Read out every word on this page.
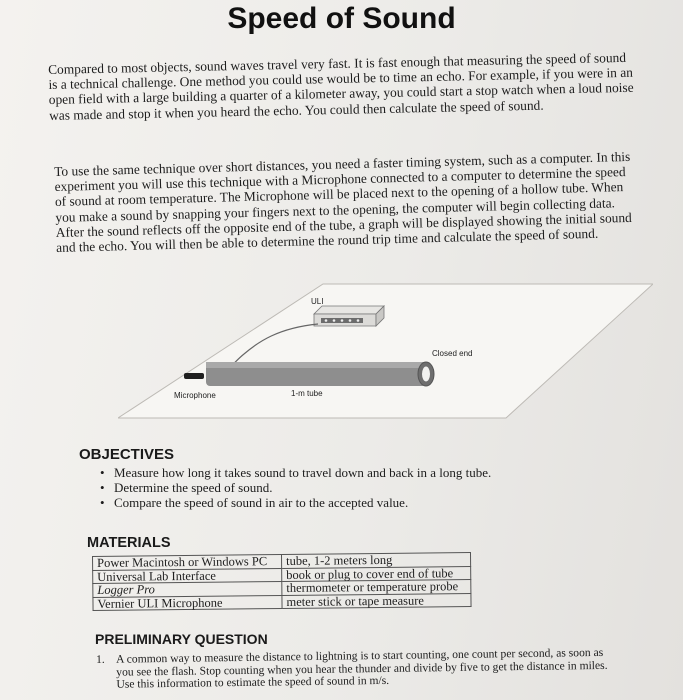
Speed of Sound

Compared to most objects, sound waves travel very fast. It is fast enough that measuring the speed of sound is a technical challenge. One method you could use would be to time an echo. For example, if you were in an open field with a large building a quarter of a kilometer away, you could start a stop watch when a loud noise was made and stop it when you heard the echo. You could then calculate the speed of sound.

To use the same technique over short distances, you need a faster timing system, such as a computer. In this experiment you will use this technique with a Microphone connected to a computer to determine the speed of sound at room temperature. The Microphone will be placed next to the opening of a hollow tube. When you make a sound by snapping your fingers next to the opening, the computer will begin collecting data. After the sound reflects off the opposite end of the tube, a graph will be displayed showing the initial sound and the echo. You will then be able to determine the round trip time and calculate the speed of sound.

ULI
Closed end
Microphone	1-m tube
OBJECTIVES
• Measure how long it takes sound to travel down and back in a long tube.
• Determine the speed of sound.
• Compare the speed of sound in air to the accepted value.
MATERIALS
Power Macintosh or Windows PC	tube, 1-2 meters long
Universal Lab Interface	book or plug to cover end of tube
Logger Pro	thermometer or temperature probe
Vernier ULI Microphone	meter stick or tape measure
PRELIMINARY QUESTION
1. A common way to measure the distance to lightning is to start counting, one count per second, as soon as you see the flash. Stop counting when you hear the thunder and divide by five to get the distance in miles. Use this information to estimate the speed of sound in m/s.
